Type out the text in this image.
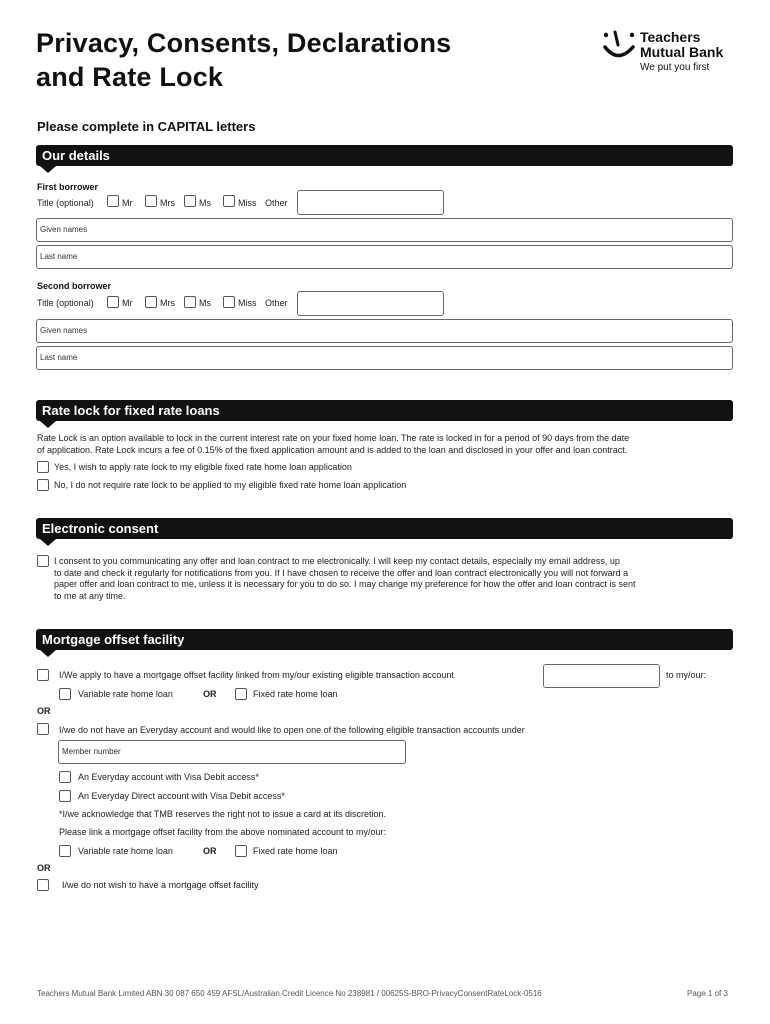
Privacy, Consents, Declarations
and Rate Lock
Teachers
Mutual Bank
We put you first
Please complete in CAPITAL letters
Our details
First borrower
Title (optional)	Mr	Mrs	Ms	Miss Other
Given names
Last name
Second borrower
Title (optional)	Mr	Mrs	Ms	Miss Other
Given names
Last name
Rate lock for fixed rate loans
Rate Lock is an option available to lock in the current interest rate on your fixed home loan. The rate is locked in for a period of 90 days from the date
of application. Rate Lock incurs a fee of 0.15% of the fixed application amount and is added to the loan and disclosed in your offer and loan contract.
Yes, I wish to apply rate lock to my eligible fixed rate home loan application
No, I do not require rate lock to be applied to my eligible fixed rate home loan application
Electronic consent
I consent to you communicating any offer and loan contract to me electronically. I will keep my contact details, especially my email address, up
to date and check it regularly for notifications from you. If I have chosen to receive the offer and loan contract electronically you will not forward a
paper offer and loan contract to me, unless it is necessary for you to do so. I may change my preference for how the offer and loan contract is sent
to me at any time.
Mortgage offset facility
I/We apply to have a mortgage offset facility linked from my/our existing eligible transaction account	to my/our:
Variable rate home loan	OR	Fixed rate home loan
OR
I/we do not have an Everyday account and would like to open one of the following eligible transaction accounts under
Member number
An Everyday account with Visa Debit access*
An Everyday Direct account with Visa Debit access*
*I/we acknowledge that TMB reserves the right not to issue a card at its discretion.
Please link a mortgage offset facility from the above nominated account to my/our:
Variable rate home loan	OR	Fixed rate home loan
OR
I/we do not wish to have a mortgage offset facility
Teachers Mutual Bank Limited ABN 30 087 650 459 AFSL/Australian Credit Licence No 238981 / 00625S-BRO-PrivacyConsentRateLock-0516	Page 1 of 3
